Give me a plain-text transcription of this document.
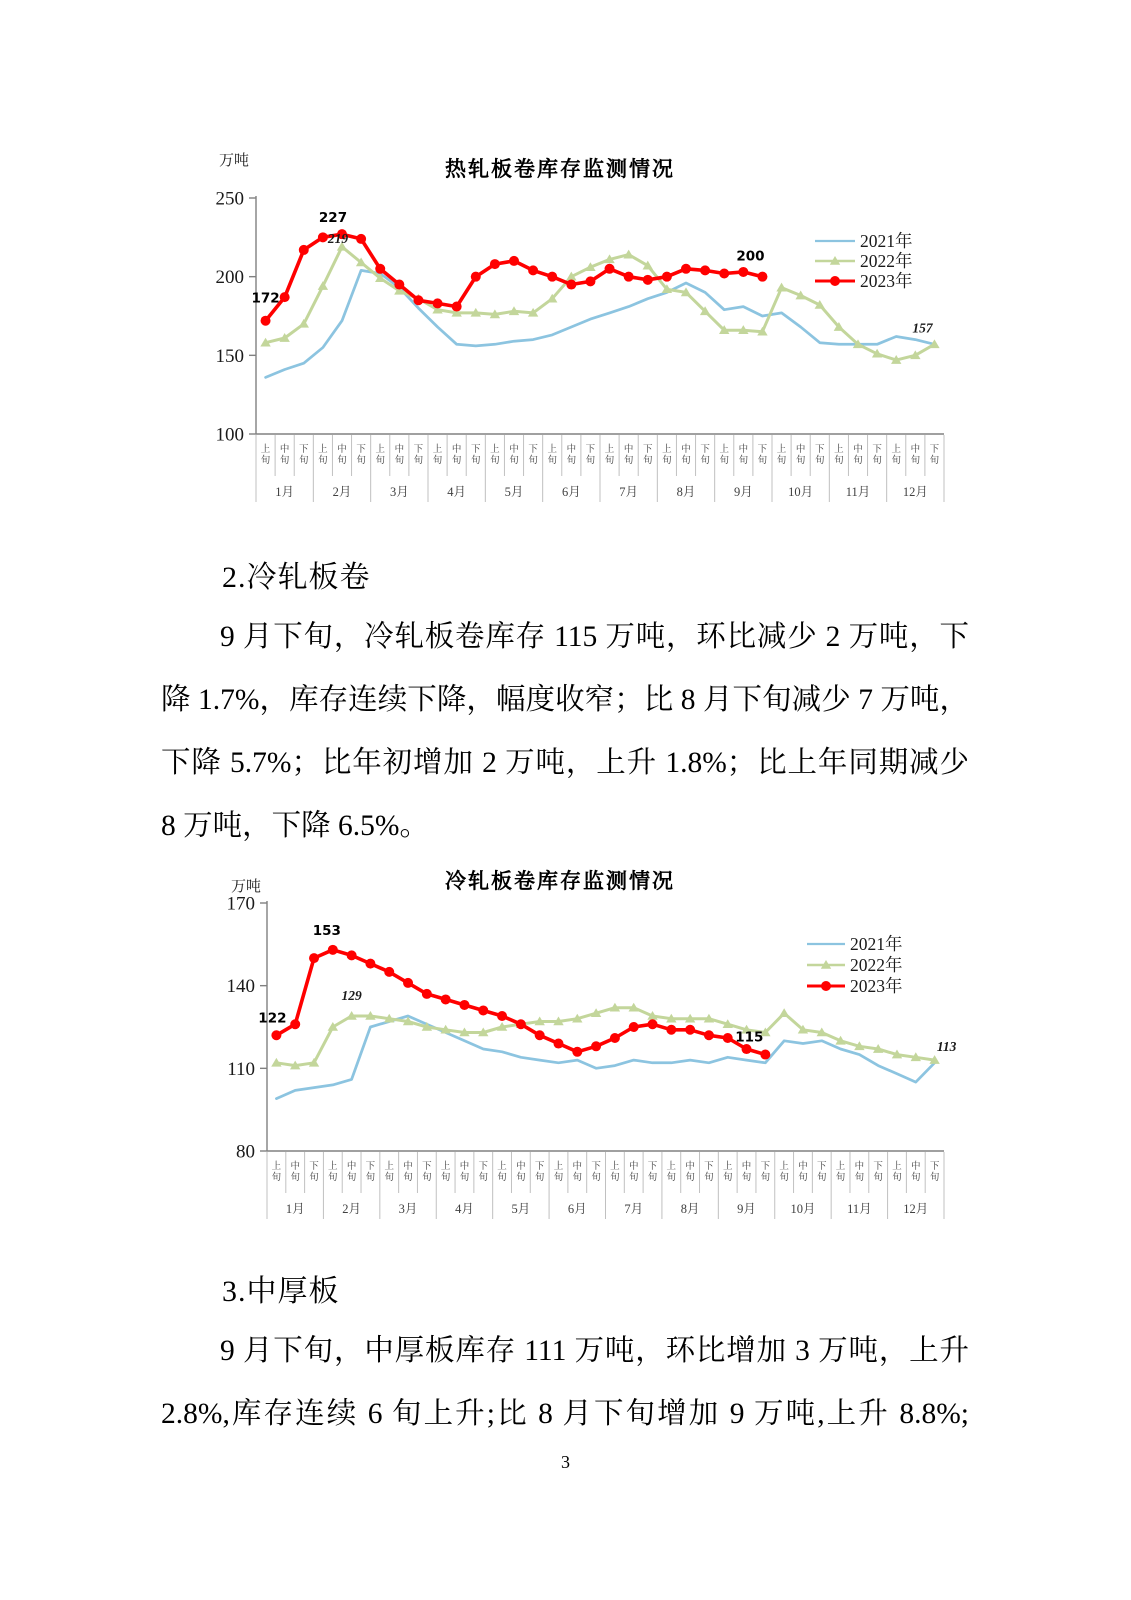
热轧板卷库存监测情况
万吨
250
200
150
100
上
旬
中
旬
下
旬
上
旬
中
旬
下
旬
上
旬
中
旬
下
旬
上
旬
中
旬
下
旬
上
旬
中
旬
下
旬
上
旬
中
旬
下
旬
上
旬
中
旬
下
旬
上
旬
中
旬
下
旬
上
旬
中
旬
下
旬
上
旬
中
旬
下
旬
上
旬
中
旬
下
旬
上
旬
中
旬
下
旬
1月	2月	3月	4月	5月	6月	7月	8月	9月	10月	11月	12月
172
227
219
200
157
2021年
2022年
2023年
2.冷轧板卷
9 月下旬，冷轧板卷库存 115 万吨，环比减少 2 万吨，下
降 1.7%，库存连续下降，幅度收窄；比 8 月下旬减少 7 万吨，
下降 5.7%；比年初增加 2 万吨，上升 1.8%；比上年同期减少
8 万吨，下降 6.5%。
冷轧板卷库存监测情况
万吨
170
140
110
80
上
旬
中
旬
下
旬
上
旬
中
旬
下
旬
上
旬
中
旬
下
旬
上
旬
中
旬
下
旬
上
旬
中
旬
下
旬
上
旬
中
旬
下
旬
上
旬
中
旬
下
旬
上
旬
中
旬
下
旬
上
旬
中
旬
下
旬
上
旬
中
旬
下
旬
上
旬
中
旬
下
旬
上
旬
中
旬
下
旬
1月	2月	3月	4月	5月	6月	7月	8月	9月	10月	11月	12月
122
153
129
115
113
2021年
2022年
2023年
3.中厚板
9 月下旬，中厚板库存 111 万吨，环比增加 3 万吨，上升
2.8%,库存连续 6 旬上升;比 8 月下旬增加 9 万吨,上升 8.8%;
3
